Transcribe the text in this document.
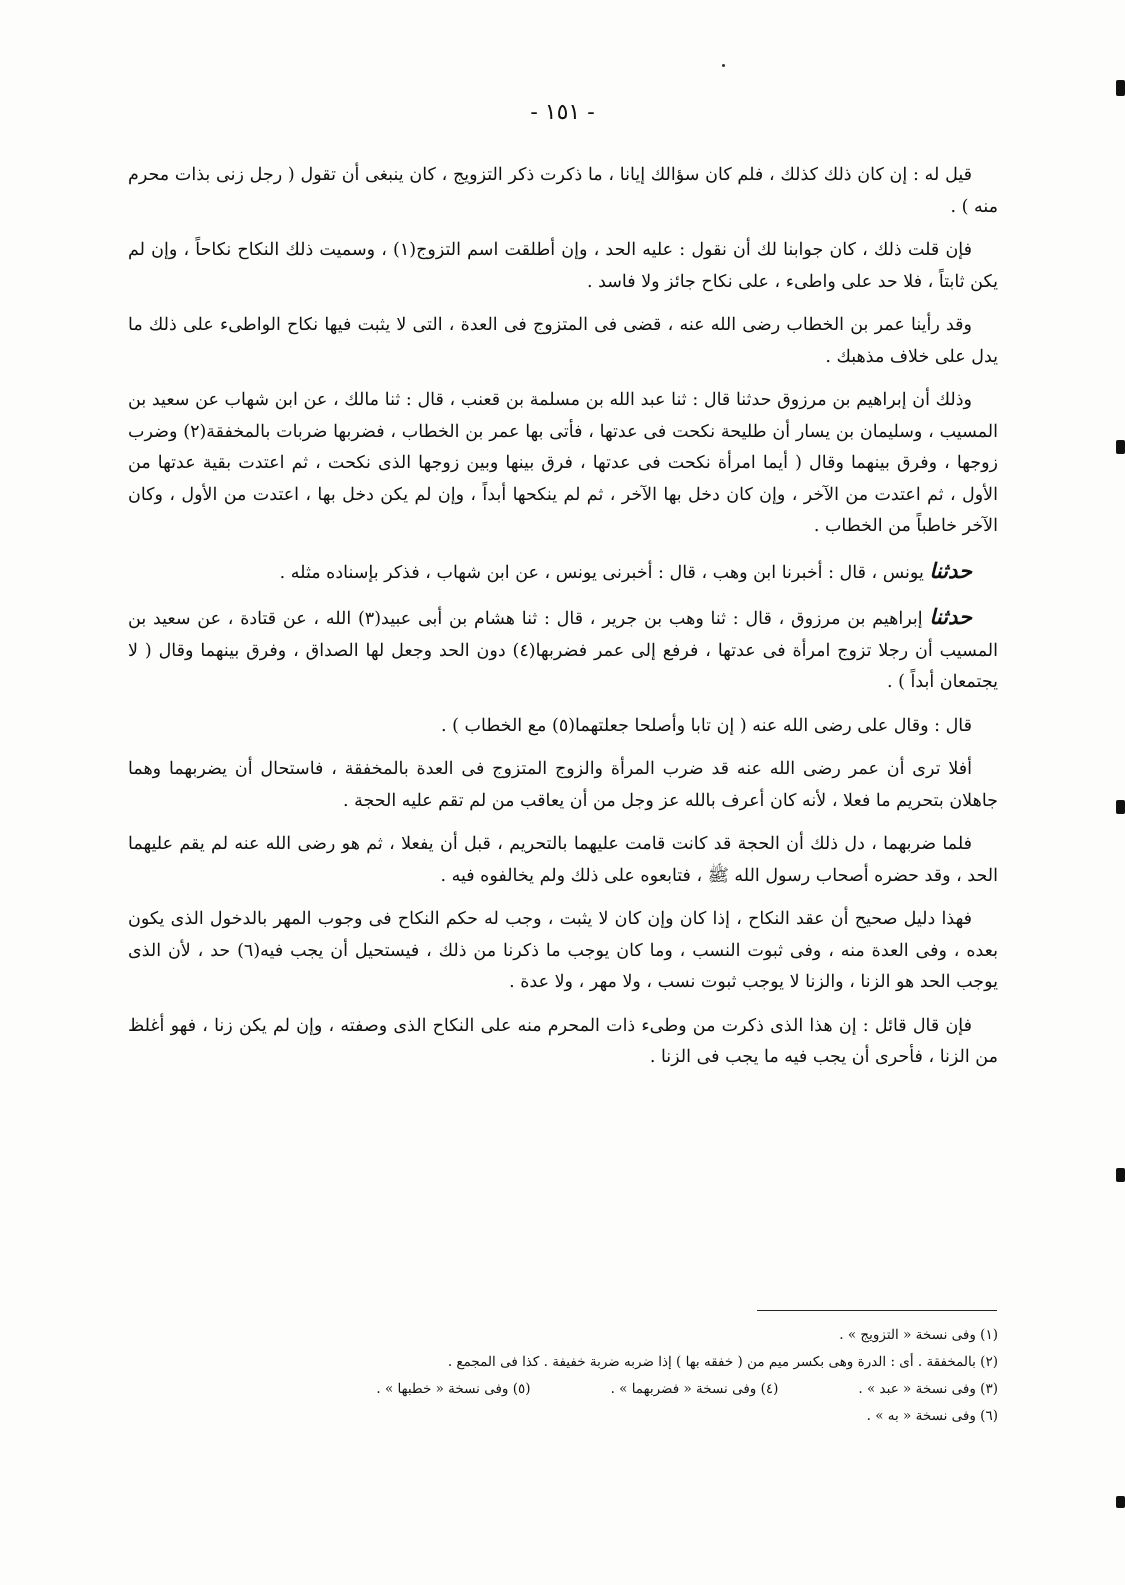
- ١٥١ -

قيل له : إن كان ذلك كذلك ، فلم كان سؤالك إيانا ، ما ذكرت ذكر التزويج ، كان ينبغى أن تقول ( رجل زنى بذات محرم منه ) .

فإن قلت ذلك ، كان جوابنا لك أن نقول : عليه الحد ، وإن أطلقت اسم التزوج(١) ، وسميت ذلك النكاح نكاحاً ، وإن لم يكن ثابتاً ، فلا حد على واطىء ، على نكاح جائز ولا فاسد .

وقد رأينا عمر بن الخطاب رضى الله عنه ، قضى فى المتزوج فى العدة ، التى لا يثبت فيها نكاح الواطىء على ذلك ما يدل على خلاف مذهبك .

وذلك أن إبراهيم بن مرزوق حدثنا قال : ثنا عبد الله بن مسلمة بن قعنب ، قال : ثنا مالك ، عن ابن شهاب عن سعيد بن المسيب ، وسليمان بن يسار أن طليحة نكحت فى عدتها ، فأتى بها عمر بن الخطاب ، فضربها ضربات بالمخفقة(٢) وضرب زوجها ، وفرق بينهما وقال ( أيما امرأة نكحت فى عدتها ، فرق بينها وبين زوجها الذى نكحت ، ثم اعتدت بقية عدتها من الأول ، ثم اعتدت من الآخر ، وإن كان دخل بها الآخر ، ثم لم ينكحها أبداً ، وإن لم يكن دخل بها ، اعتدت من الأول ، وكان الآخر خاطباً من الخطاب .

حدثنا يونس ، قال : أخبرنا ابن وهب ، قال : أخبرنى يونس ، عن ابن شهاب ، فذكر بإسناده مثله .

حدثنا إبراهيم بن مرزوق ، قال : ثنا وهب بن جرير ، قال : ثنا هشام بن أبى عبيد(٣) الله ، عن قتادة ، عن سعيد بن المسيب أن رجلا تزوج امرأة فى عدتها ، فرفع إلى عمر فضربها(٤) دون الحد وجعل لها الصداق ، وفرق بينهما وقال ( لا يجتمعان أبداً ) .

قال : وقال على رضى الله عنه ( إن تابا وأصلحا جعلتهما(٥) مع الخطاب ) .

أفلا ترى أن عمر رضى الله عنه قد ضرب المرأة والزوج المتزوج فى العدة بالمخفقة ، فاستحال أن يضربهما وهما جاهلان بتحريم ما فعلا ، لأنه كان أعرف بالله عز وجل من أن يعاقب من لم تقم عليه الحجة .

فلما ضربهما ، دل ذلك أن الحجة قد كانت قامت عليهما بالتحريم ، قبل أن يفعلا ، ثم هو رضى الله عنه لم يقم عليهما الحد ، وقد حضره أصحاب رسول الله ﷺ ، فتابعوه على ذلك ولم يخالفوه فيه .

فهذا دليل صحيح أن عقد النكاح ، إذا كان وإن كان لا يثبت ، وجب له حكم النكاح فى وجوب المهر بالدخول الذى يكون بعده ، وفى العدة منه ، وفى ثبوت النسب ، وما كان يوجب ما ذكرنا من ذلك ، فيستحيل أن يجب فيه(٦) حد ، لأن الذى يوجب الحد هو الزنا ، والزنا لا يوجب ثبوت نسب ، ولا مهر ، ولا عدة .

فإن قال قائل : إن هذا الذى ذكرت من وطىء ذات المحرم منه على النكاح الذى وصفته ، وإن لم يكن زنا ، فهو أغلظ من الزنا ، فأحرى أن يجب فيه ما يجب فى الزنا .

(١) وفى نسخة « التزويج » .

(٢) بالمخفقة . أى : الدرة وهى بكسر ميم من ( خفقه بها ) إذا ضربه ضربة خفيفة . كذا فى المجمع .

(٣) وفى نسخة « عبد » .
(٤) وفى نسخة « فضربهما » .
(٥) وفى نسخة « خطبها » .

(٦) وفى نسخة « به » .
